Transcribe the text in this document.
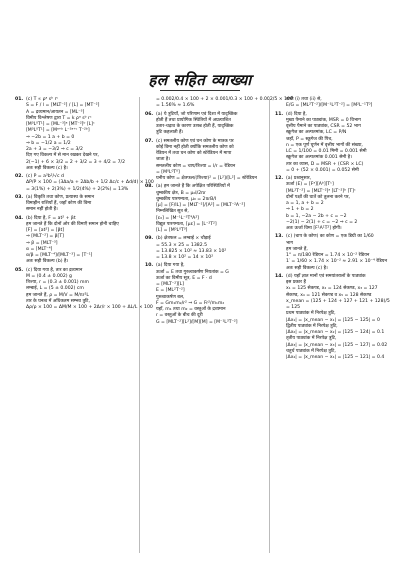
हल सहित व्याख्या
01. (c) T ∝ ρᵃ sᵇ rᶜ
S = F / l = [MLT⁻²] / [L] = [MT⁻²]
A = द्रव्यमान/आयतन = [ML⁻³]
विमीय विश्लेषण द्वारा T = k ρᵃ sᵇ rᶜ
[M⁰L⁰T¹] = [ML⁻³]ᵃ [MT⁻²]ᵇ [L]ᶜ
[M⁰L⁰T¹] = [Mᵃ⁺ᵇ L⁻³ᵃ⁺ᶜ T⁻²ᵇ]
⇒ −2b = 1 a + b = 0
⇒ b = −1/2 a = 1/2
2a + 3 = −3/2 ⇒ c = 3/2
दिए गए विकल्प में से मान रखकर देखने पर,
2(−1) + 6 × 3/2 = 2 + 3/2 = 3 + 4/2 = 7/2
अतः सही विकल्प (c) है।
02. (c) P = a³b²/√c d
ΔP/P × 100 = (3Δa/a + 2Δb/b + 1/2 Δc/c + Δd/d) × 100
= 3(1%) + 2(3%) + 1/2(4%) + 2(2%) = 13%
03. (a) विकृति तथा कोण, प्रत्यास्थ के समान
विमाहीन राशियाँ हैं, जहाँ कोण की विमा
समान नहीं होती हैं।
04. (b) दिया है, F = at² + βt
हम जानते हैं कि दोनों ओर की विमाएँ समान होनी चाहिए
[F] = [at²] = [βt]
⇒ [MLT⁻²] = β[T]
⇒ β = [MLT⁻³]
α = [MLT⁻⁴]
α/β = [MLT⁻⁴]/[MLT⁻³] = [T⁻¹]
अतः सही विकल्प (b) है।
05. (c) दिया गया है, तार का द्रव्यमान
M = (0.4 ± 0.002) g
त्रिज्या, r = (0.3 ± 0.001) mm
लम्बाई, L = (5 ± 0.002) cm
हम जानते हैं, ρ = M/V = M/πr²L
तार के घनत्व में अधिकतम सम्भव त्रुटि,
Δρ/ρ × 100 = ΔM/M × 100 + 2Δr/r × 100 + ΔL/L × 100
= 0.002/0.4 × 100 + 2 × 0.001/0.3 × 100 + 0.002/5 × 100
= 1.56% ≈ 1.6%
06. (a) ये त्रुटियाँ, जो परिणाम एवं दिशा में यादृच्छिक
होती हैं तथा प्रायोगिक स्थितियों में अप्रत्याशित
उतार-चढ़ाव के कारण उत्पन्न होती हैं, यादृच्छिक
त्रुटि कहलाती हैं।
07. (c) समतलीय कोण एवं घन कोण के मात्रक पर
कोई विमा नहीं होती क्योंकि समतलीय कोण को
रेडियन में तथा घन कोण को स्टेरेडियन में मापा
जाता है।
समतलीय कोण = चाप/त्रिज्या = l/r = रेडियन
= [M⁰L⁰T⁰]
घनीय कोण = क्षेत्रफल/(त्रिज्या)² = [L²]/[L²] = स्टेरेडियन
08. (a) हम जानते हैं कि अपेक्षित परिस्थितियों में
चुम्बकीय क्षेत्र, B = μ₀I/2πr
चुम्बकीय पारगम्यता, μ₀ = 2πrB/I
[μ] = [F/IL] = [MLT⁻²]/[A²] = [MLT⁻²A⁻²]
निम्नलिखित सूत्र से,
[ε₀] = [M⁻¹L⁻³T⁴A²]
विद्युत पारगम्यता, [με] = [L⁻²T²]
[L] = [M⁰L⁰T⁰]
09. (b) क्षेत्रफल = लम्बाई × चौड़ाई
= 55.3 × 25 = 1382.5
= 13.825 × 10² ≈ 13.83 × 10²
= 13.8 × 10² = 14 × 10²
10. (a) दिया गया है,
ऊर्जा = E तथा गुरुत्वाकर्षण नियतांक = G
ऊर्जा का विमीय सूत्र, E = F · d
= [MLT⁻²][L]
E = [ML²T⁻²]
गुरुत्वाकर्षण बल,
F = Gm₁m₂/r² ⇒ G = Fr²/m₁m₂
यहाँ, m₁ तथा m₂ = वस्तुओं के द्रव्यमान
r = वस्तुओं के बीच की दूरी
G = [MLT⁻²][L²]/[M][M] = [M⁻¹L³T⁻²]
सभी (i) तथा (ii) से,
E/G = [ML²T⁻²]/[M⁻¹L³T⁻²] = [M²L⁻¹T⁰]
11. (d) दिया है,
मुख्य पैमाने का पाठ्यांक, MSR = 0 विभाग
वृत्तीय पैमाने का पाठ्यांक, CSR = 52 भाग
स्क्रूगेज का अल्पतमांक, LC = P/N
जहाँ, P = स्क्रूगेज की पिच,
n = एक पूर्ण घूर्णन में वृत्तीय भागों की संख्या,
LC = 1/100 = 0.01 मिमी = 0.001 सेमी
स्क्रूगेज का अल्पतमांक 0.001 सेमी है।
तार का व्यास, D = MSR + (CSR × LC)
= 0 + (52 × 0.001) = 0.052 सेमी
12. (a) प्रश्नानुसार,
ऊर्जा (E) = [Fᵃ][Aᵇ][Tᶜ]
[ML²T⁻²] = [MLT⁻²]ᵃ [LT⁻²]ᵇ [T]ᶜ
दोनों पक्षों की घातें को तुलना करने पर,
a = 1, a + b = 2
⇒ 1 + b = 2
b = 1, −2a − 2b + c = −2
−2(1) − 2(1) + c = −2 ⇒ c = 2
अतः ऊर्जा विमा [F¹A¹T²] होगी।
13. (c) (चाप के कोण) का कोण = एक डिग्री का 1/60
भाग
हम जानते हैं,
1° = π/180 रेडियन = 1.74 × 10⁻² रेडियन
1′ = 1/60 × 1.74 × 10⁻² ≈ 2.91 × 10⁻⁴ रेडियन
अतः सही विकल्प (c) है।
14. (d) यहाँ ज्ञात मानों एवं समयांतरालों के पाठ्यांक
इस प्रकार हैं
x₁ = 125 सेकण्ड, x₂ = 124 सेकण्ड, x₃ = 127
सेकण्ड, x₄ = 121 सेकण्ड व x₅ = 128 सेकण्ड
x_mean = (125 + 124 + 127 + 121 + 128)/5
= 125
प्रथम पाठ्यांक में निरपेक्ष त्रुटि,
|Δx₁| = |x_mean − x₁| = |125 − 125| = 0
द्वितीय पाठ्यांक में निरपेक्ष त्रुटि,
|Δx₂| = |x_mean − x₂| = |125 − 124| = 0.1
तृतीय पाठ्यांक में निरपेक्ष त्रुटि,
|Δx₃| = |x_mean − x₃| = |125 − 127| = 0.02
चतुर्थ पाठ्यांक में निरपेक्ष त्रुटि,
|Δx₄| = |x_mean − x₄| = |125 − 121| = 0.4
